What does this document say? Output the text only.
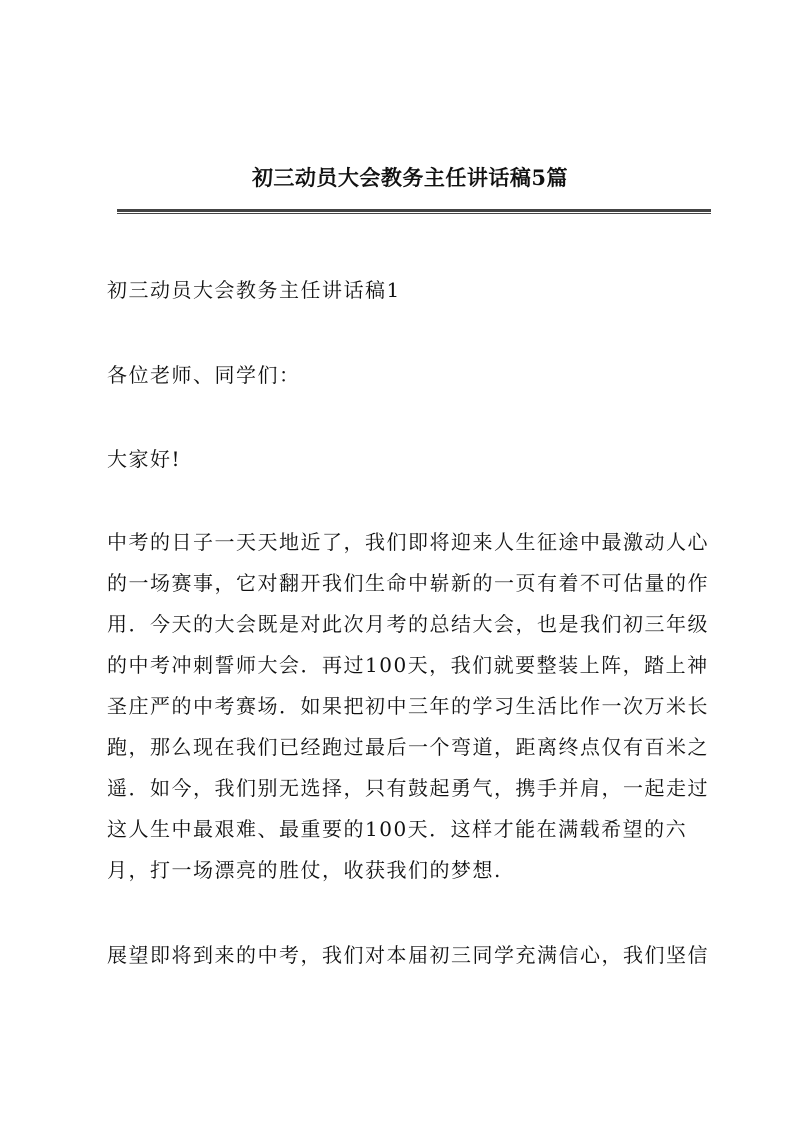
初三动员大会教务主任讲话稿5篇

初三动员大会教务主任讲话稿1

各位老师、同学们：

大家好!

中考的日子一天天地近了，我们即将迎来人生征途中最激动人心

的一场赛事，它对翻开我们生命中崭新的一页有着不可估量的作

用．今天的大会既是对此次月考的总结大会，也是我们初三年级

的中考冲刺誓师大会．再过100天，我们就要整装上阵，踏上神

圣庄严的中考赛场．如果把初中三年的学习生活比作一次万米长

跑，那么现在我们已经跑过最后一个弯道，距离终点仅有百米之

遥．如今，我们别无选择，只有鼓起勇气，携手并肩，一起走过

这人生中最艰难、最重要的100天．这样才能在满载希望的六

月，打一场漂亮的胜仗，收获我们的梦想.

展望即将到来的中考，我们对本届初三同学充满信心，我们坚信
